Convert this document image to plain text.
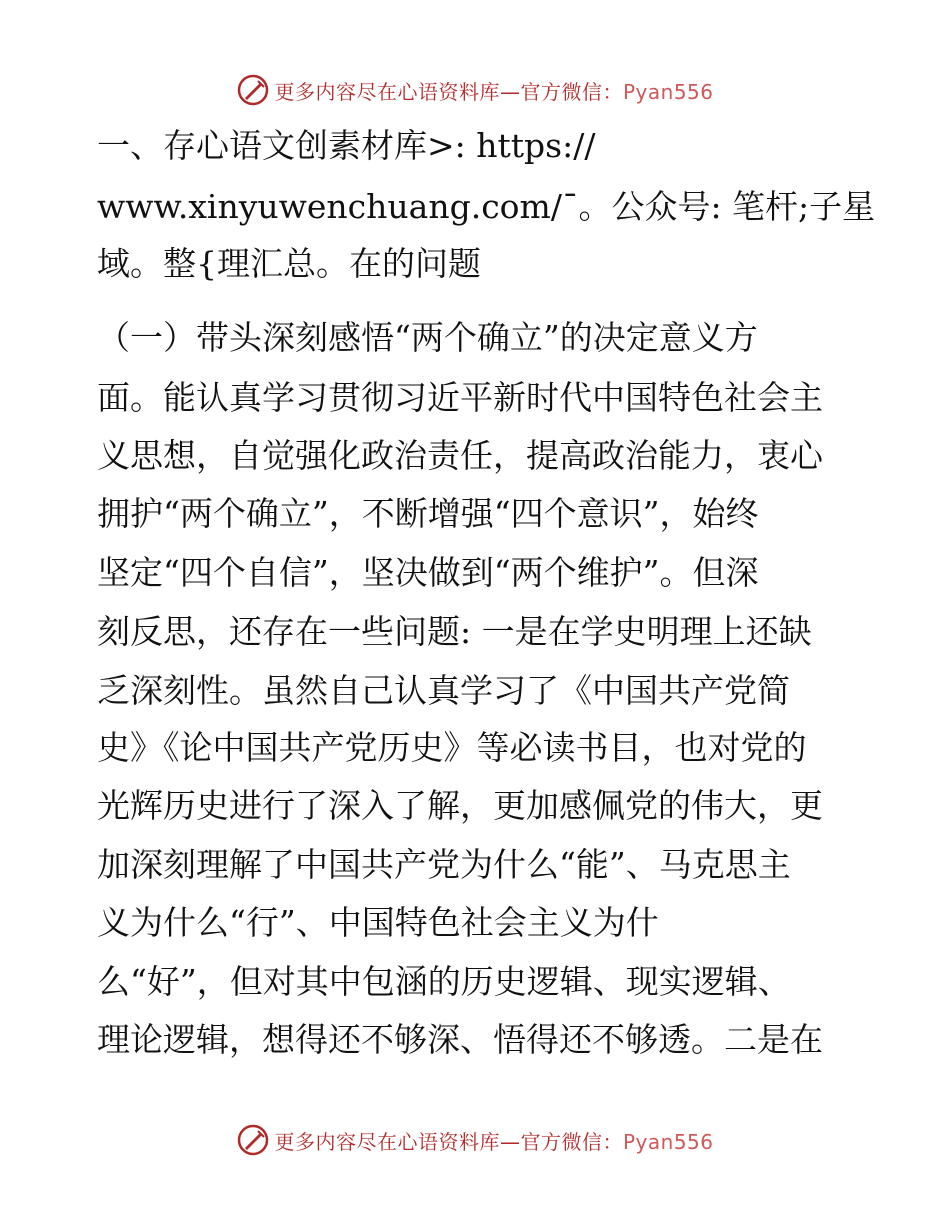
更多内容尽在心语资料库—官方微信：Pyan556
一、存心语文创素材库>: https://
www.xinyuwenchuang.com/¯。公众号: 笔杆;子星
域。整{理汇总。在的问题
（一）带头深刻感悟“两个确立”的决定意义方
面。能认真学习贯彻习近平新时代中国特色社会主
义思想，自觉强化政治责任，提高政治能力，衷心
拥护“两个确立”，不断增强“四个意识”，始终
坚定“四个自信”，坚决做到“两个维护”。但深
刻反思，还存在一些问题: 一是在学史明理上还缺
乏深刻性。虽然自己认真学习了《中国共产党简
史》《论中国共产党历史》等必读书目，也对党的
光辉历史进行了深入了解，更加感佩党的伟大，更
加深刻理解了中国共产党为什么“能”、马克思主
义为什么“行”、中国特色社会主义为什
么“好”，但对其中包涵的历史逻辑、现实逻辑、
理论逻辑，想得还不够深、悟得还不够透。二是在
更多内容尽在心语资料库—官方微信：Pyan556
